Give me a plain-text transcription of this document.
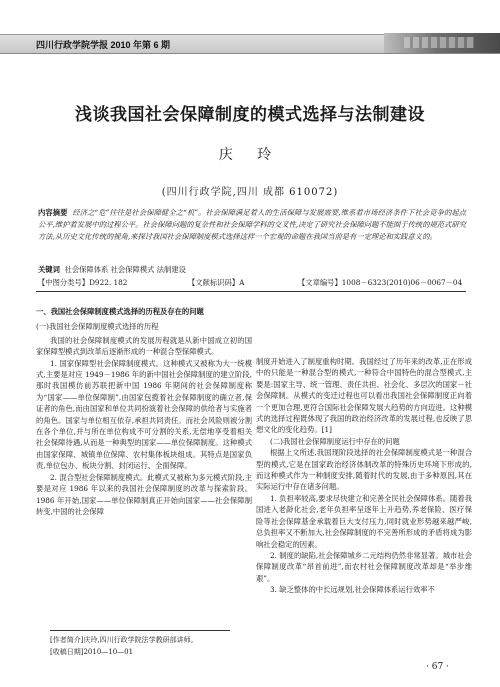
四川行政学院学报 2010 年第 6 期
浅谈我国社会保障制度的模式选择与法制建设
庆 玲
(四川行政学院,四川 成都 610072)
内容摘要 经济之“危”往往是社会保障健全之“机”。社会保障满足着人的生活保障与发展需要,维系着市场经济条件下社会竞争的起点公平,维护着发展中的过程公平。社会保障问题的复杂性和社会保障学科的交叉性,决定了研究社会保障问题不能囿于传统的规范式研究方法,从历史文化传统的视角,来探讨我国社会保障制度模式选择这样一个宏观的命题在我国当前是有一定理论和实践意义的。
关键词 社会保障体系 社会保障模式 法制建设
【中图分类号】D922. 182	【文献标识码】A	【文章编号】1008－6323(2010)06－0067－04

一、我国社会保障制度模式选择的历程及存在的问题

(一)我国社会保障制度模式选择的历程

我国的社会保障制度模式的发展历程就是从新中国成立初的国家保障型模式到改革后逐渐形成的一种混合型保障模式。

1. 国家保障型社会保障制度模式。这种模式又被称为大一统模式,主要是对应 1949－1986 年的新中国社会保障制度的建立阶段,那时我国模仿前苏联把新中国 1986 年期间的社会保障制度称为“国家——单位保障制”,由国家包揽着社会保障制度的确立者,保证者的角色,而由国家和单位共同扮演着社会保障的供给者与实施者的角色。国家与单位相互依存,承担共同责任。而社会风险则被分割在各个单位,并与所在单位构成不可分割的关系,无偿地享受着相关社会保障待遇,从而是一种典型的国家——单位保障制度。这种模式由国家保障、城镇单位保障、农村集体板块组成。其特点是国家负责,单位包办、板块分割、封闭运行、全面保障。

2. 混合型社会保障制度模式。此模式又被称为多元模式阶段,主要是对应 1986 年以来的我国社会保障制度的改革与探索阶段。1986 年开始,国家——单位保障制真正开始向国家——社会保障制转变,中国的社会保障

制度开始进入了制度重构时期。我国经过了历年来的改革,正在形成中的只能是一种混合型的模式,一种符合中国特色的混合型模式,主要是:国家主导、统一管理、责任共担、社会化、多层次的国家－社会保障制。从模式的变迁过程也可以看出我国社会保障制度正向着一个更加合理,更符合国际社会保障发展大趋势的方向迈进。这种模式的选择过程既体现了我国的政治经济改革的发展过程,也反映了思想文化的变化趋势。[1]

(二)我国社会保障制度运行中存在的问题

根据上文所述,我国现阶段选择的社会保障制度模式是一种混合型的模式,它是在国家政治经济体制改革的特殊历史环境下形成的,而这种模式作为一种制度安排,随着时代的发展,由于多种原因,其在实际运行中存在诸多问题。

1. 负担率较高,要求尽快建立和完善全民社会保障体系。随着我国进入老龄化社会,老年负担率呈逐年上升趋势,养老保险、医疗保险等社会保障基金承载着巨大支付压力,同时就业形势越来越严峻,总负担率又不断加大,社会保障制度的不完善所形成的矛盾将成为影响社会稳定的因素。

2. 制度的缺陷,社会保障城乡二元结构仍然非常显著。城市社会保障制度改革“昂首前进”,而农村社会保障制度改革却是“举步维艰”。

3. 缺乏整体的中长远规划,社会保障体系运行效率不

[作者简介]庆玲,四川行政学院法学教研部讲师。
[收稿日期]2010—10—01
· 67 ·
